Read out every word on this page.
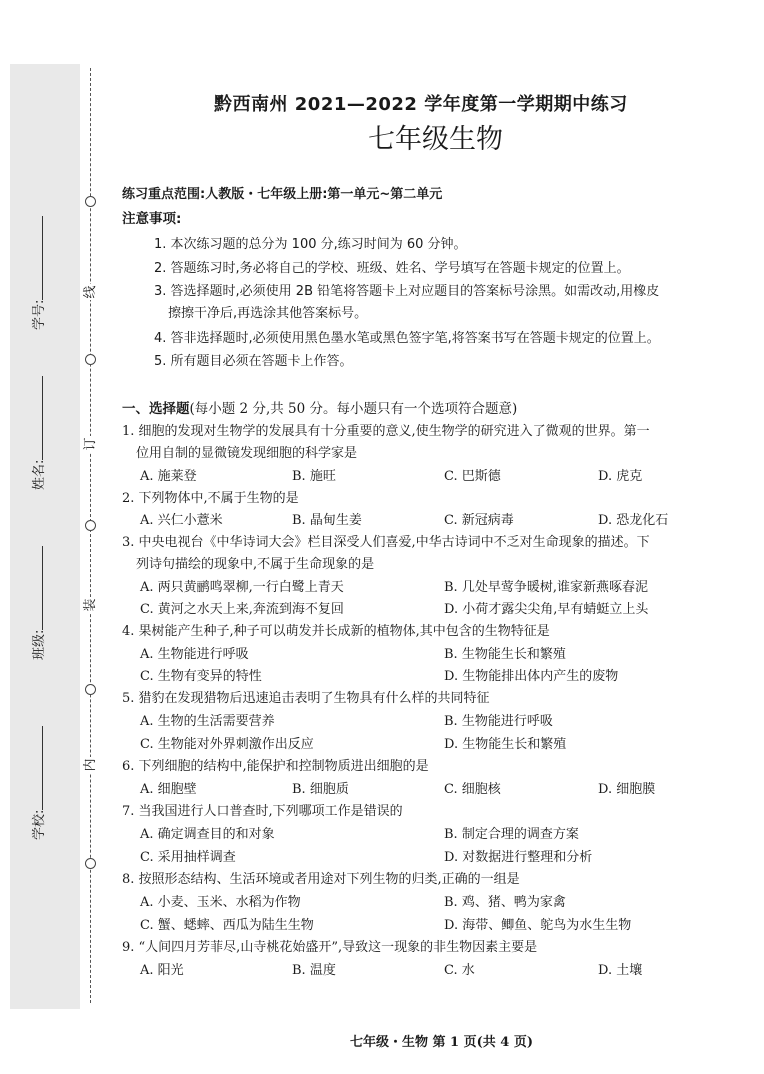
线
订
装
内
学号:
姓名:
班级:
学校:
黔西南州 2021—2022 学年度第一学期期中练习
七年级生物
练习重点范围:人教版・七年级上册:第一单元~第二单元
注意事项:
1. 本次练习题的总分为 100 分,练习时间为 60 分钟。
2. 答题练习时,务必将自己的学校、班级、姓名、学号填写在答题卡规定的位置上。
3. 答选择题时,必须使用 2B 铅笔将答题卡上对应题目的答案标号涂黑。如需改动,用橡皮
擦擦干净后,再选涂其他答案标号。
4. 答非选择题时,必须使用黑色墨水笔或黑色签字笔,将答案书写在答题卡规定的位置上。
5. 所有题目必须在答题卡上作答。
一、选择题(每小题 2 分,共 50 分。每小题只有一个选项符合题意)
1. 细胞的发现对生物学的发展具有十分重要的意义,使生物学的研究进入了微观的世界。第一
位用自制的显微镜发现细胞的科学家是
A. 施莱登	B. 施旺	C. 巴斯德	D. 虎克
2. 下列物体中,不属于生物的是
A. 兴仁小薏米	B. 晶甸生姜	C. 新冠病毒	D. 恐龙化石
3. 中央电视台《中华诗词大会》栏目深受人们喜爱,中华古诗词中不乏对生命现象的描述。下
列诗句描绘的现象中,不属于生命现象的是
A. 两只黄鹂鸣翠柳,一行白鹭上青天	B. 几处早莺争暖树,谁家新燕啄春泥
C. 黄河之水天上来,奔流到海不复回	D. 小荷才露尖尖角,早有蜻蜓立上头
4. 果树能产生种子,种子可以萌发并长成新的植物体,其中包含的生物特征是
A. 生物能进行呼吸	B. 生物能生长和繁殖
C. 生物有变异的特性	D. 生物能排出体内产生的废物
5. 猎豹在发现猎物后迅速追击表明了生物具有什么样的共同特征
A. 生物的生活需要营养	B. 生物能进行呼吸
C. 生物能对外界刺激作出反应	D. 生物能生长和繁殖
6. 下列细胞的结构中,能保护和控制物质进出细胞的是
A. 细胞壁	B. 细胞质	C. 细胞核	D. 细胞膜
7. 当我国进行人口普查时,下列哪项工作是错误的
A. 确定调查目的和对象	B. 制定合理的调查方案
C. 采用抽样调查	D. 对数据进行整理和分析
8. 按照形态结构、生活环境或者用途对下列生物的归类,正确的一组是
A. 小麦、玉米、水稻为作物	B. 鸡、猪、鸭为家禽
C. 蟹、蟋蟀、西瓜为陆生生物	D. 海带、鲫鱼、鸵鸟为水生生物
9. “人间四月芳菲尽,山寺桃花始盛开”,导致这一现象的非生物因素主要是
A. 阳光	B. 温度	C. 水	D. 土壤
七年级・生物 第 1 页(共 4 页)
